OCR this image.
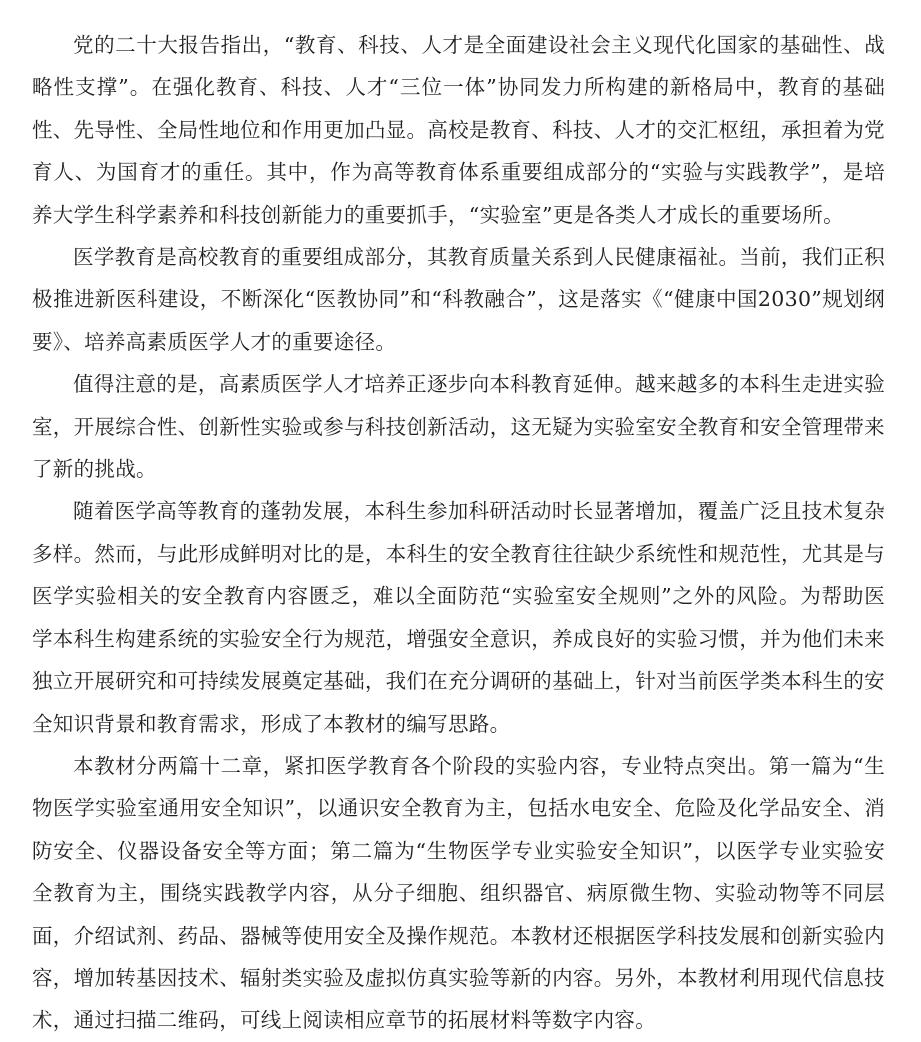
党的二十大报告指出，“教育、科技、人才是全面建设社会主义现代化国家的基础性、战略性支撑”。在强化教育、科技、人才“三位一体”协同发力所构建的新格局中，教育的基础性、先导性、全局性地位和作用更加凸显。高校是教育、科技、人才的交汇枢纽，承担着为党育人、为国育才的重任。其中，作为高等教育体系重要组成部分的“实验与实践教学”，是培养大学生科学素养和科技创新能力的重要抓手，“实验室”更是各类人才成长的重要场所。

医学教育是高校教育的重要组成部分，其教育质量关系到人民健康福祉。当前，我们正积极推进新医科建设，不断深化“医教协同”和“科教融合”，这是落实《“健康中国2030”规划纲要》、培养高素质医学人才的重要途径。

值得注意的是，高素质医学人才培养正逐步向本科教育延伸。越来越多的本科生走进实验室，开展综合性、创新性实验或参与科技创新活动，这无疑为实验室安全教育和安全管理带来了新的挑战。

随着医学高等教育的蓬勃发展，本科生参加科研活动时长显著增加，覆盖广泛且技术复杂多样。然而，与此形成鲜明对比的是，本科生的安全教育往往缺少系统性和规范性，尤其是与医学实验相关的安全教育内容匮乏，难以全面防范“实验室安全规则”之外的风险。为帮助医学本科生构建系统的实验安全行为规范，增强安全意识，养成良好的实验习惯，并为他们未来独立开展研究和可持续发展奠定基础，我们在充分调研的基础上，针对当前医学类本科生的安全知识背景和教育需求，形成了本教材的编写思路。

本教材分两篇十二章，紧扣医学教育各个阶段的实验内容，专业特点突出。第一篇为“生物医学实验室通用安全知识”，以通识安全教育为主，包括水电安全、危险及化学品安全、消防安全、仪器设备安全等方面；第二篇为“生物医学专业实验安全知识”，以医学专业实验安全教育为主，围绕实践教学内容，从分子细胞、组织器官、病原微生物、实验动物等不同层面，介绍试剂、药品、器械等使用安全及操作规范。本教材还根据医学科技发展和创新实验内容，增加转基因技术、辐射类实验及虚拟仿真实验等新的内容。另外，本教材利用现代信息技术，通过扫描二维码，可线上阅读相应章节的拓展材料等数字内容。
